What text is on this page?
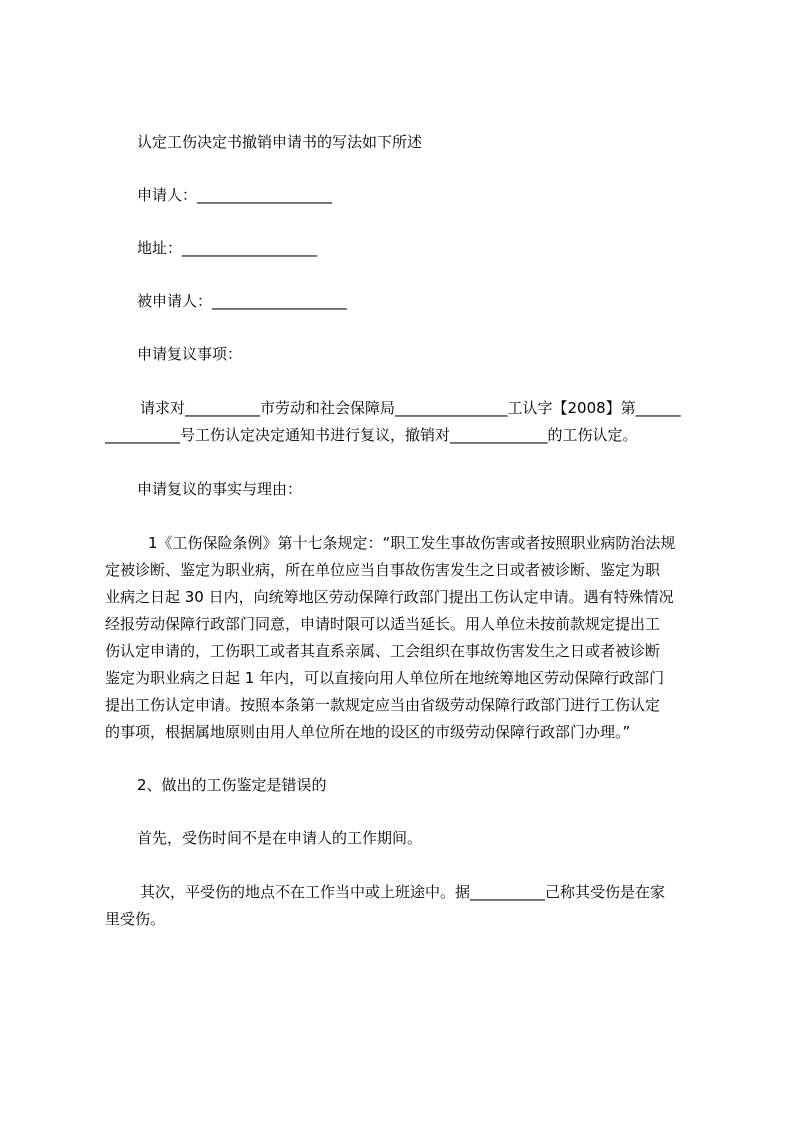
认定工伤决定书撤销申请书的写法如下所述
申请人：__________________
地址：__________________
被申请人：__________________
申请复议事项：
请求对__________市劳动和社会保障局_______________工认字【2008】第______
__________号工伤认定决定通知书进行复议，撤销对_____________的工伤认定。
申请复议的事实与理由：
1《工伤保险条例》第十七条规定：“职工发生事故伤害或者按照职业病防治法规
定被诊断、鉴定为职业病，所在单位应当自事故伤害发生之日或者被诊断、鉴定为职
业病之日起 30 日内，向统筹地区劳动保障行政部门提出工伤认定申请。遇有特殊情况
经报劳动保障行政部门同意，申请时限可以适当延长。用人单位未按前款规定提出工
伤认定申请的，工伤职工或者其直系亲属、工会组织在事故伤害发生之日或者被诊断
鉴定为职业病之日起 1 年内，可以直接向用人单位所在地统筹地区劳动保障行政部门
提出工伤认定申请。按照本条第一款规定应当由省级劳动保障行政部门进行工伤认定
的事项，根据属地原则由用人单位所在地的设区的市级劳动保障行政部门办理。”
2、做出的工伤鉴定是错误的
首先，受伤时间不是在申请人的工作期间。
其次，平受伤的地点不在工作当中或上班途中。据__________己称其受伤是在家
里受伤。
